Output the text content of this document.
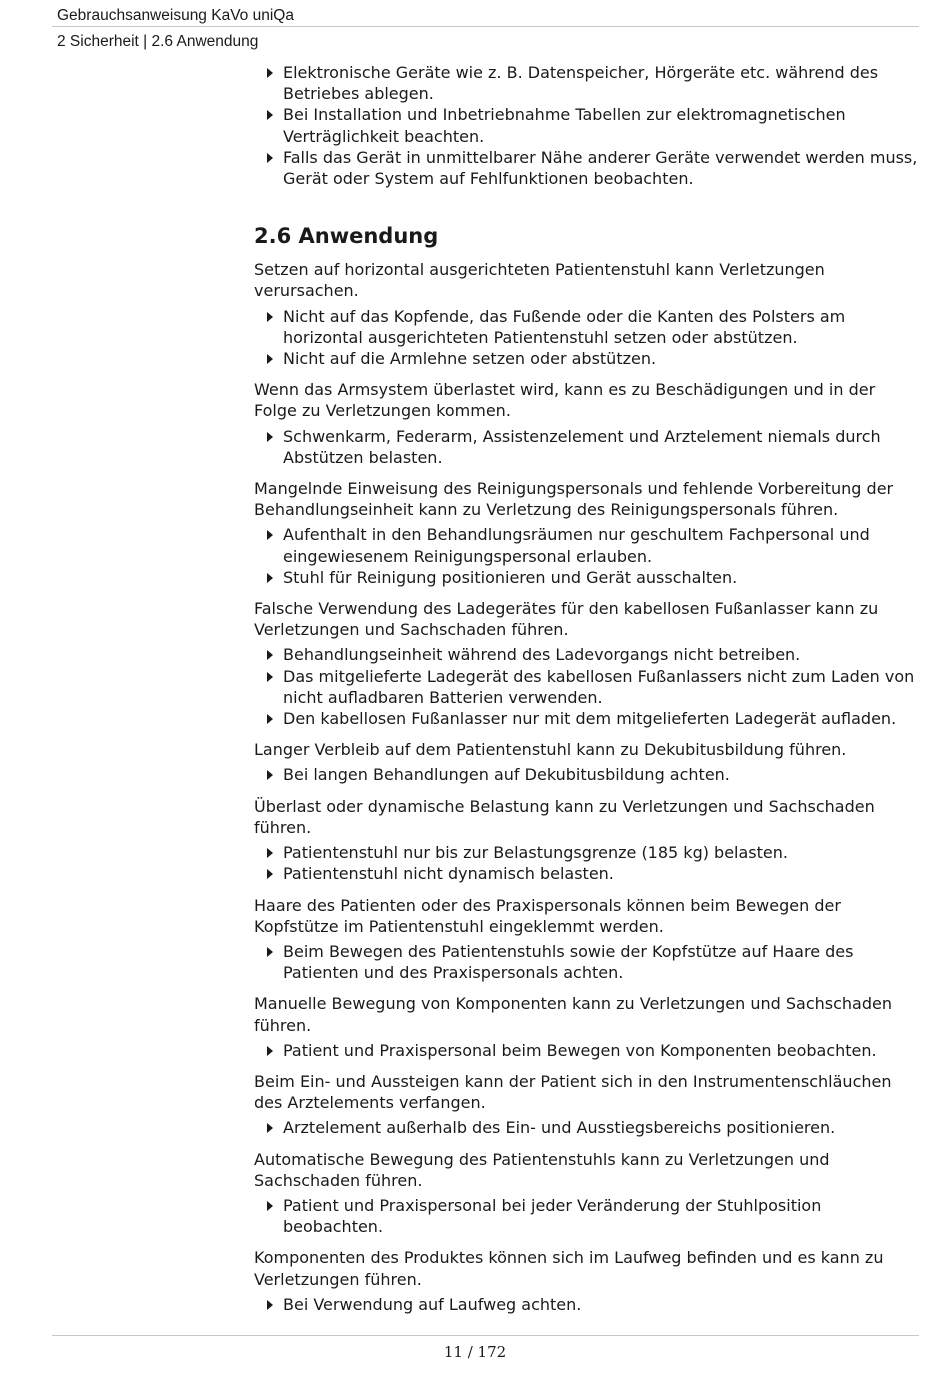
Gebrauchsanweisung KaVo uniQa
2 Sicherheit | 2.6 Anwendung
Elektronische Geräte wie z. B. Datenspeicher, Hörgeräte etc. während des Betriebes ablegen.
Bei Installation und Inbetriebnahme Tabellen zur elektromagnetischen Verträglichkeit beachten.
Falls das Gerät in unmittelbarer Nähe anderer Geräte verwendet werden muss, Gerät oder System auf Fehlfunktionen beobachten.
2.6 Anwendung

Setzen auf horizontal ausgerichteten Patientenstuhl kann Verletzungen verursachen.

Nicht auf das Kopfende, das Fußende oder die Kanten des Polsters am horizontal ausgerichteten Patientenstuhl setzen oder abstützen.
Nicht auf die Armlehne setzen oder abstützen.

Wenn das Armsystem überlastet wird, kann es zu Beschädigungen und in der Folge zu Verletzungen kommen.

Schwenkarm, Federarm, Assistenzelement und Arztelement niemals durch Abstützen belasten.

Mangelnde Einweisung des Reinigungspersonals und fehlende Vorbereitung der Behandlungseinheit kann zu Verletzung des Reinigungspersonals führen.

Aufenthalt in den Behandlungsräumen nur geschultem Fachpersonal und eingewiesenem Reinigungspersonal erlauben.
Stuhl für Reinigung positionieren und Gerät ausschalten.

Falsche Verwendung des Ladegerätes für den kabellosen Fußanlasser kann zu Verletzungen und Sachschaden führen.

Behandlungseinheit während des Ladevorgangs nicht betreiben.
Das mitgelieferte Ladegerät des kabellosen Fußanlassers nicht zum Laden von nicht aufladbaren Batterien verwenden.
Den kabellosen Fußanlasser nur mit dem mitgelieferten Ladegerät aufladen.

Langer Verbleib auf dem Patientenstuhl kann zu Dekubitusbildung führen.

Bei langen Behandlungen auf Dekubitusbildung achten.

Überlast oder dynamische Belastung kann zu Verletzungen und Sachschaden führen.

Patientenstuhl nur bis zur Belastungsgrenze (185 kg) belasten.
Patientenstuhl nicht dynamisch belasten.

Haare des Patienten oder des Praxispersonals können beim Bewegen der Kopfstütze im Patientenstuhl eingeklemmt werden.

Beim Bewegen des Patientenstuhls sowie der Kopfstütze auf Haare des Patienten und des Praxispersonals achten.

Manuelle Bewegung von Komponenten kann zu Verletzungen und Sachschaden führen.

Patient und Praxispersonal beim Bewegen von Komponenten beobachten.

Beim Ein- und Aussteigen kann der Patient sich in den Instrumentenschläuchen des Arztelements verfangen.

Arztelement außerhalb des Ein- und Ausstiegsbereichs positionieren.

Automatische Bewegung des Patientenstuhls kann zu Verletzungen und Sachschaden führen.

Patient und Praxispersonal bei jeder Veränderung der Stuhlposition beobachten.

Komponenten des Produktes können sich im Laufweg befinden und es kann zu Verletzungen führen.

Bei Verwendung auf Laufweg achten.
11 / 172
